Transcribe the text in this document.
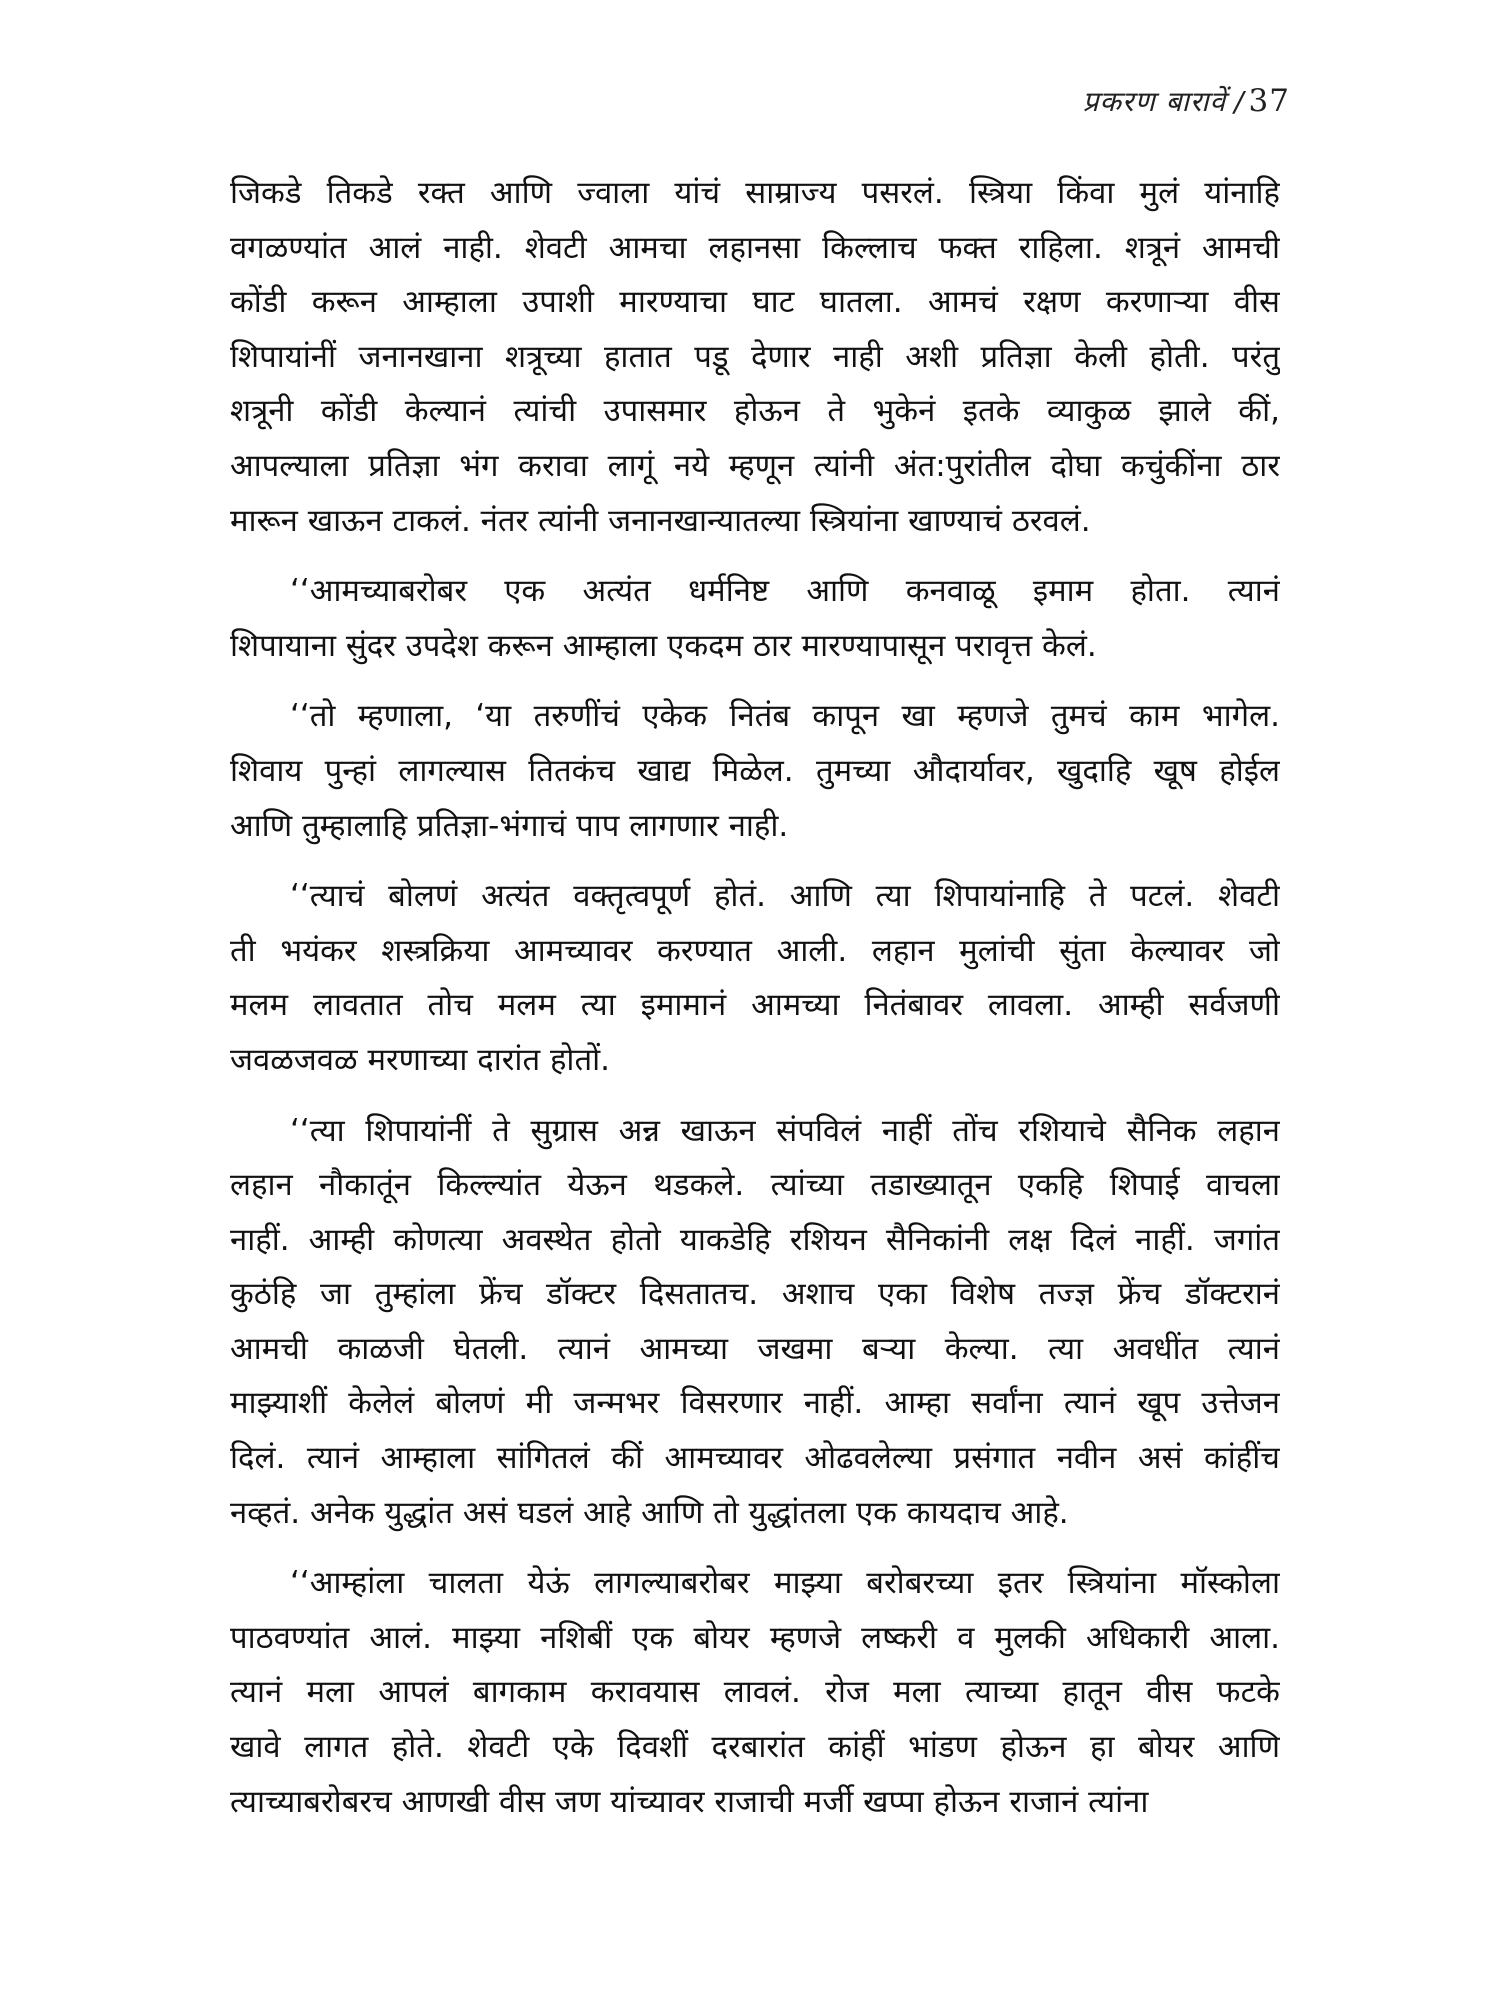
प्रकरण बारावें / 37
जिकडे तिकडे रक्त आणि ज्वाला यांचं साम्राज्य पसरलं. स्त्रिया किंवा मुलं यांनाहि
वगळण्यांत आलं नाही. शेवटी आमचा लहानसा किल्लाच फक्त राहिला. शत्रूनं आमची
कोंडी करून आम्हाला उपाशी मारण्याचा घाट घातला. आमचं रक्षण करणाऱ्या वीस
शिपायांनीं जनानखाना शत्रूच्या हातात पडू देणार नाही अशी प्रतिज्ञा केली होती. परंतु
शत्रूनी कोंडी केल्यानं त्यांची उपासमार होऊन ते भुकेनं इतके व्याकुळ झाले कीं,
आपल्याला प्रतिज्ञा भंग करावा लागूं नये म्हणून त्यांनी अंत:पुरांतील दोघा कचुंकींना ठार
मारून खाऊन टाकलं. नंतर त्यांनी जनानखान्यातल्या स्त्रियांना खाण्याचं ठरवलं.
‘‘आमच्याबरोबर एक अत्यंत धर्मनिष्ट आणि कनवाळू इमाम होता. त्यानं
शिपायाना सुंदर उपदेश करून आम्हाला एकदम ठार मारण्यापासून परावृत्त केलं.
‘‘तो म्हणाला, ‘या तरुणींचं एकेक नितंब कापून खा म्हणजे तुमचं काम भागेल.
शिवाय पुन्हां लागल्यास तितकंच खाद्य मिळेल. तुमच्या औदार्यावर, खुदाहि खूष होईल
आणि तुम्हालाहि प्रतिज्ञा-भंगाचं पाप लागणार नाही.
‘‘त्याचं बोलणं अत्यंत वक्तृत्वपूर्ण होतं. आणि त्या शिपायांनाहि ते पटलं. शेवटी
ती भयंकर शस्त्रक्रिया आमच्यावर करण्यात आली. लहान मुलांची सुंता केल्यावर जो
मलम लावतात तोच मलम त्या इमामानं आमच्या नितंबावर लावला. आम्ही सर्वजणी
जवळजवळ मरणाच्या दारांत होतों.
‘‘त्या शिपायांनीं ते सुग्रास अन्न खाऊन संपविलं नाहीं तोंच रशियाचे सैनिक लहान
लहान नौकातूंन किल्ल्यांत येऊन थडकले. त्यांच्या तडाख्यातून एकहि शिपाई वाचला
नाहीं. आम्ही कोणत्या अवस्थेत होतो याकडेहि रशियन सैनिकांनी लक्ष दिलं नाहीं. जगांत
कुठंहि जा तुम्हांला फ्रेंच डॉक्टर दिसतातच. अशाच एका विशेष तज्ज्ञ फ्रेंच डॉक्टरानं
आमची काळजी घेतली. त्यानं आमच्या जखमा बऱ्या केल्या. त्या अवधींत त्यानं
माझ्याशीं केलेलं बोलणं मी जन्मभर विसरणार नाहीं. आम्हा सर्वांना त्यानं खूप उत्तेजन
दिलं. त्यानं आम्हाला सांगितलं कीं आमच्यावर ओढवलेल्या प्रसंगात नवीन असं कांहींच
नव्हतं. अनेक युद्धांत असं घडलं आहे आणि तो युद्धांतला एक कायदाच आहे.
‘‘आम्हांला चालता येऊं लागल्याबरोबर माझ्या बरोबरच्या इतर स्त्रियांना मॉस्कोला
पाठवण्यांत आलं. माझ्या नशिबीं एक बोयर म्हणजे लष्करी व मुलकी अधिकारी आला.
त्यानं मला आपलं बागकाम करावयास लावलं. रोज मला त्याच्या हातून वीस फटके
खावे लागत होते. शेवटी एके दिवशीं दरबारांत कांहीं भांडण होऊन हा बोयर आणि
त्याच्याबरोबरच आणखी वीस जण यांच्यावर राजाची मर्जी खप्पा होऊन राजानं त्यांना
